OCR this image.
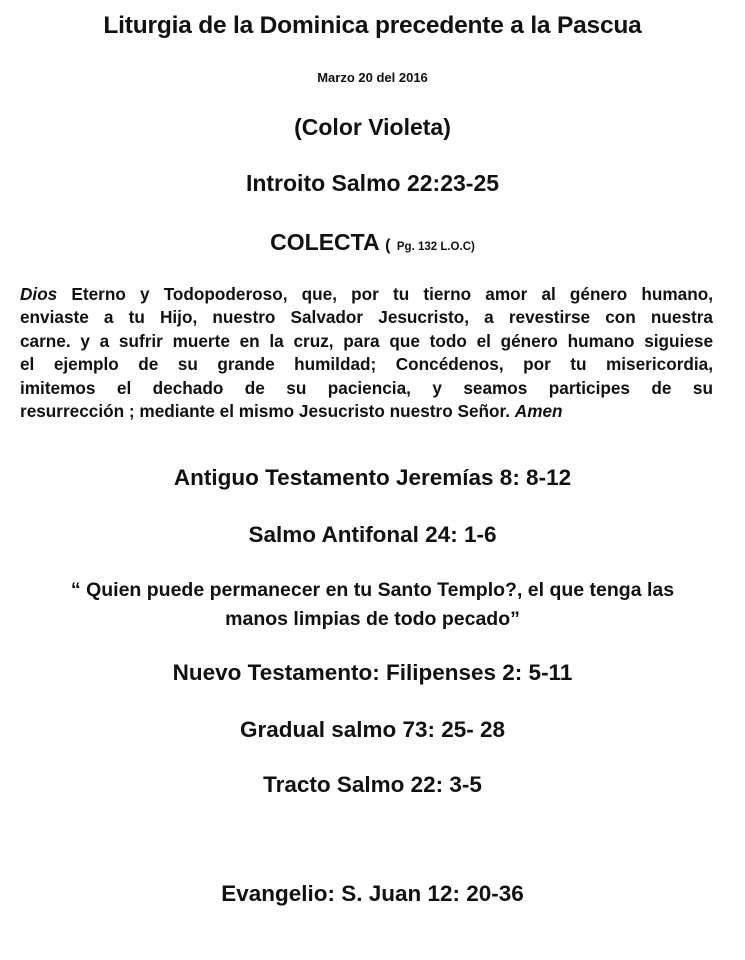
Liturgia de la Dominica precedente a la Pascua
Marzo 20 del 2016
(Color Violeta)
Introito Salmo 22:23-25
COLECTA ( Pg. 132 L.O.C)
Dios Eterno y Todopoderoso, que, por tu tierno amor al género humano,
enviaste a tu Hijo, nuestro Salvador Jesucristo, a revestirse con nuestra
carne. y a sufrir muerte en la cruz, para que todo el género humano siguiese
el ejemplo de su grande humildad; Concédenos, por tu misericordia,
imitemos el dechado de su paciencia, y seamos participes de su
resurrección ; mediante el mismo Jesucristo nuestro Señor. Amen
Antiguo Testamento Jeremías 8: 8-12
Salmo Antifonal 24: 1-6
“ Quien puede permanecer en tu Santo Templo?, el que tenga las
manos limpias de todo pecado”
Nuevo Testamento: Filipenses 2: 5-11
Gradual salmo 73: 25- 28
Tracto Salmo 22: 3-5
Evangelio: S. Juan 12: 20-36
